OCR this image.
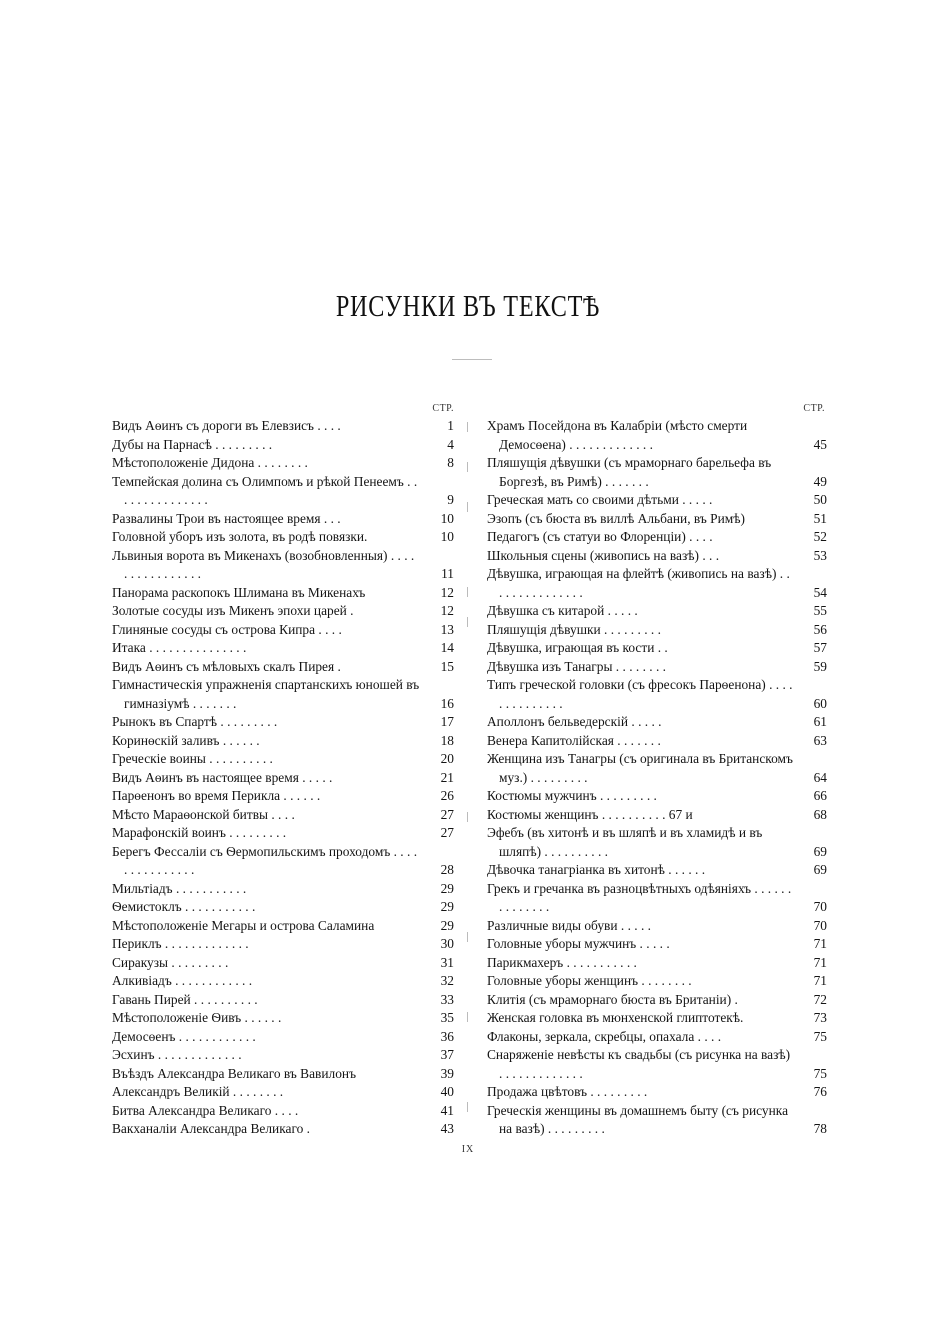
РИСУНКИ ВЪ ТЕКСТѢ
СТР.
Видъ Аѳинъ съ дороги въ Елевзисъ . . . .	1
Дубы на Парнасѣ . . . . . . . . .	4
Мѣстоположеніе Дидона . . . . . . . .	8
Темпейская долина съ Олимпомъ и рѣкой Пенеемъ . . . . . . . . . . . . . . .	9
Развалины Трои въ настоящее время . . .	10
Головной уборъ изъ золота, въ родѣ повязки.	10
Львиныя ворота въ Микенахъ (возобновленныя) . . . . . . . . . . . . . . . .	11
Панорама раскопокъ Шлимана въ Микенахъ	12
Золотые сосуды изъ Микенъ эпохи царей .	12
Глиняные сосуды съ острова Кипра . . . .	13
Итака . . . . . . . . . . . . . . .	14
Видъ Аѳинъ съ мѣловыхъ скалъ Пирея .	15
Гимнастическія упражненія спартанскихъ юношей въ гимназіумѣ . . . . . . .	16
Рынокъ въ Спартѣ . . . . . . . . .	17
Коринѳскій заливъ . . . . . .	18
Греческіе воины . . . . . . . . . .	20
Видъ Аѳинъ въ настоящее время . . . . .	21
Парѳенонъ во время Перикла . . . . . .	26
Мѣсто Мараѳонской битвы . . . .	27
Марафонскій воинъ . . . . . . . . .	27
Берегъ Фессаліи съ Ѳермопильскимъ проходомъ . . . . . . . . . . . . . . .	28
Мильтіадъ . . . . . . . . . . .	29
Ѳемистоклъ . . . . . . . . . . .	29
Мѣстоположеніе Мегары и острова Саламина	29
Периклъ . . . . . . . . . . . . .	30
Сиракузы . . . . . . . . .	31
Алкивіадъ . . . . . . . . . . . .	32
Гавань Пирей . . . . . . . . . .	33
Мѣстоположеніе Ѳивъ . . . . . .	35
Демосѳенъ . . . . . . . . . . . .	36
Эсхинъ . . . . . . . . . . . . .	37
Въѣздъ Александра Великаго въ Вавилонъ	39
Александръ Великій . . . . . . . .	40
Битва Александра Великаго . . . .	41
Вакханаліи Александра Великаго .	43
СТР.
Храмъ Посейдона въ Калабріи (мѣсто смерти Демосѳена) . . . . . . . . . . . . .	45
Пляшущія дѣвушки (съ мраморнаго барельефа въ Боргезѣ, въ Римѣ) . . . . . . .	49
Греческая мать со своими дѣтьми . . . . .	50
Эзопъ (съ бюста въ виллѣ Альбани, въ Римѣ)	51
Педагогъ (съ статуи во Флоренціи) . . . .	52
Школьныя сцены (живопись на вазѣ) . . .	53
Дѣвушка, играющая на флейтѣ (живопись на вазѣ) . . . . . . . . . . . . . . .	54
Дѣвушка съ китарой . . . . .	55
Пляшущія дѣвушки . . . . . . . . .	56
Дѣвушка, играющая въ кости . .	57
Дѣвушка изъ Танагры . . . . . . . .	59
Типъ греческой головки (съ фресокъ Парѳенона) . . . . . . . . . . . . . .	60
Аполлонъ бельведерскій . . . . .	61
Венера Капитолійская . . . . . . .	63
Женщина изъ Танагры (съ оригинала въ Британскомъ муз.) . . . . . . . . .	64
Костюмы мужчинъ . . . . . . . . .	66
Костюмы женщинъ . . . . . . . . . . 67 и	68
Эфебъ (въ хитонѣ и въ шляпѣ и въ хламидѣ и въ шляпѣ) . . . . . . . . . .	69
Дѣвочка танагріанка въ хитонѣ . . . . . .	69
Грекъ и гречанка въ разноцвѣтныхъ одѣяніяхъ . . . . . . . . . . . . . .	70
Различные виды обуви . . . . .	70
Головные уборы мужчинъ . . . . .	71
Парикмахеръ . . . . . . . . . . .	71
Головные уборы женщинъ . . . . . . . .	71
Клитія (съ мраморнаго бюста въ Британіи) .	72
Женская головка въ мюнхенской глиптотекѣ.	73
Флаконы, зеркала, скребцы, опахала . . . .	75
Снаряженіе невѣсты къ свадьбы (съ рисунка на вазѣ) . . . . . . . . . . . . .	75
Продажа цвѣтовъ . . . . . . . . .	76
Греческія женщины въ домашнемъ быту (съ рисунка на вазѣ) . . . . . . . . .	78
IX
